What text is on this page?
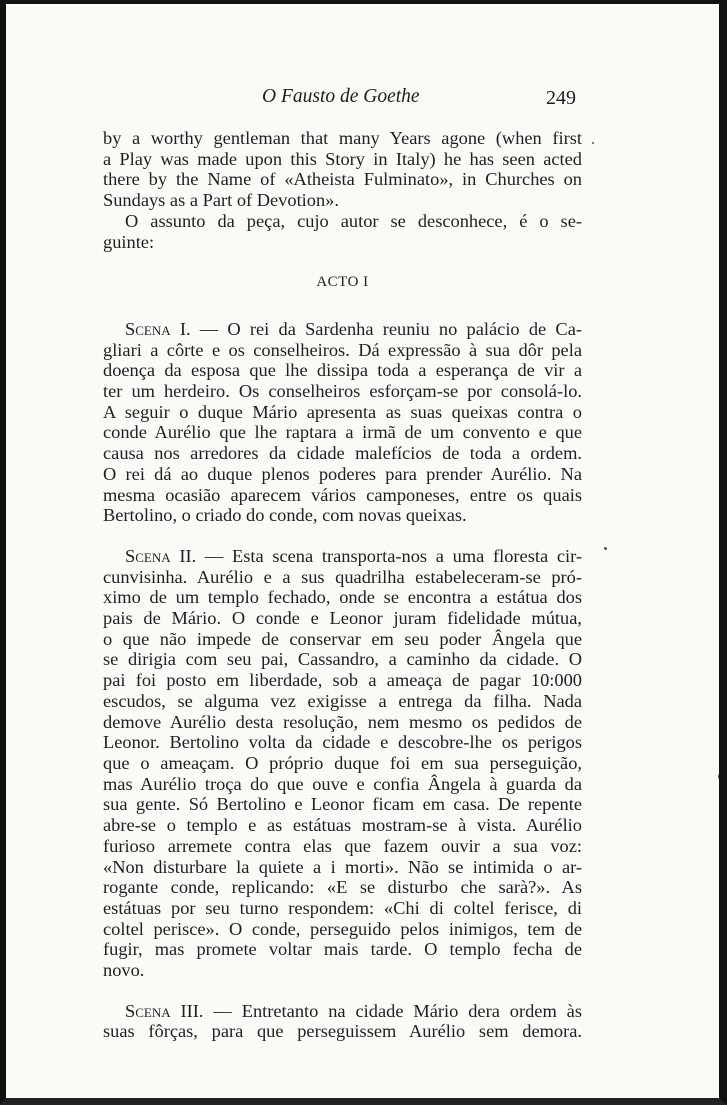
O Fausto de Goethe	249
by a worthy gentleman that many Years agone (when first
a Play was made upon this Story in Italy) he has seen acted
there by the Name of «Atheista Fulminato», in Churches on
Sundays as a Part of Devotion».
O assunto da peça, cujo autor se desconhece, é o se-
guinte:
ACTO I
Scena I. — O rei da Sardenha reuniu no palácio de Ca-
gliari a côrte e os conselheiros. Dá expressão à sua dôr pela
doença da esposa que lhe dissipa toda a esperança de vir a
ter um herdeiro. Os conselheiros esforçam-se por consolá-lo.
A seguir o duque Mário apresenta as suas queixas contra o
conde Aurélio que lhe raptara a irmã de um convento e que
causa nos arredores da cidade malefícios de toda a ordem.
O rei dá ao duque plenos poderes para prender Aurélio. Na
mesma ocasião aparecem vários camponeses, entre os quais
Bertolino, o criado do conde, com novas queixas.
Scena II. — Esta scena transporta-nos a uma floresta cir-
cunvisinha. Aurélio e a sus quadrilha estabeleceram-se pró-
ximo de um templo fechado, onde se encontra a estátua dos
pais de Mário. O conde e Leonor juram fidelidade mútua,
o que não impede de conservar em seu poder Ângela que
se dirigia com seu pai, Cassandro, a caminho da cidade. O
pai foi posto em liberdade, sob a ameaça de pagar 10:000
escudos, se alguma vez exigisse a entrega da filha. Nada
demove Aurélio desta resolução, nem mesmo os pedidos de
Leonor. Bertolino volta da cidade e descobre-lhe os perigos
que o ameaçam. O próprio duque foi em sua perseguição,
mas Aurélio troça do que ouve e confia Ângela à guarda da
sua gente. Só Bertolino e Leonor ficam em casa. De repente
abre-se o templo e as estátuas mostram-se à vista. Aurélio
furioso arremete contra elas que fazem ouvir a sua voz:
«Non disturbare la quiete a i morti». Não se intimida o ar-
rogante conde, replicando: «E se disturbo che sarà?». As
estátuas por seu turno respondem: «Chi di coltel ferisce, di
coltel perisce». O conde, perseguido pelos inimigos, tem de
fugir, mas promete voltar mais tarde. O templo fecha de
novo.
Scena III. — Entretanto na cidade Mário dera ordem às
suas fôrças, para que perseguissem Aurélio sem demora.
